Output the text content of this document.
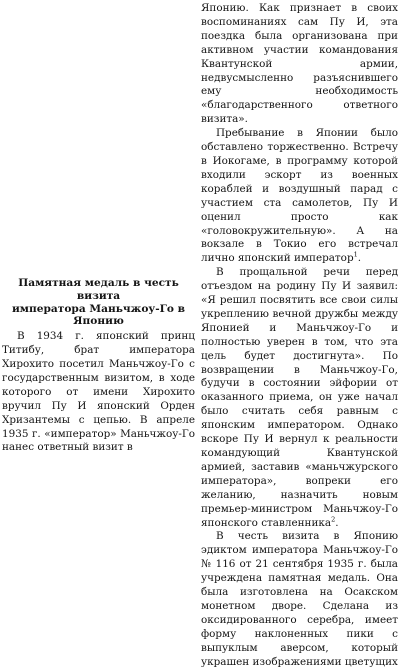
Памятная медаль в честь визита
императора Маньчжоу-Го в Японию

В 1934 г. японский принц Титибу, брат императора Хирохито посетил Маньчжоу-Го с государственным визитом, в ходе которого от имени Хирохито вручил Пу И японский Орден Хризантемы с цепью. В апреле 1935 г. «император» Маньчжоу-Го нанес ответный визит в

Японию. Как признает в своих воспоминаниях сам Пу И, эта поездка была организована при активном участии командования Квантунской армии, недвусмысленно разъяснившего ему необходимость «благодарственного ответного визита».

Пребывание в Японии было обставлено торжественно. Встречу в Иокогаме, в программу которой входили эскорт из военных кораблей и воздушный парад с участием ста самолетов, Пу И оценил просто как «головокружительную». А на вокзале в Токио его встречал лично японский император$^1$.

В прощальной речи перед отъездом на родину Пу И заявил: «Я решил посвятить все свои силы укреплению вечной дружбы между Японией и Маньчжоу-Го и полностью уверен в том, что эта цель будет достигнута». По возвращении в Маньчжоу-Го, будучи в состоянии эйфории от оказанного приема, он уже начал было считать себя равным с японским императором. Однако вскоре Пу И вернул к реальности командующий Квантунской армией, заставив «маньчжурского императора», вопреки его желанию, назначить новым премьер-министром Маньчжоу-Го японского ставленника$^2$.

В честь визита в Японию эдиктом императора Маньчжоу-Го № 116 от 21 сентября 1935 г. была учреждена памятная медаль. Она была изготовлена на Осакском монетном дворе. Сделана из оксидированного серебра, имеет форму наклоненных пики с выпуклым аверсом, который украшен изображениями цветущих
